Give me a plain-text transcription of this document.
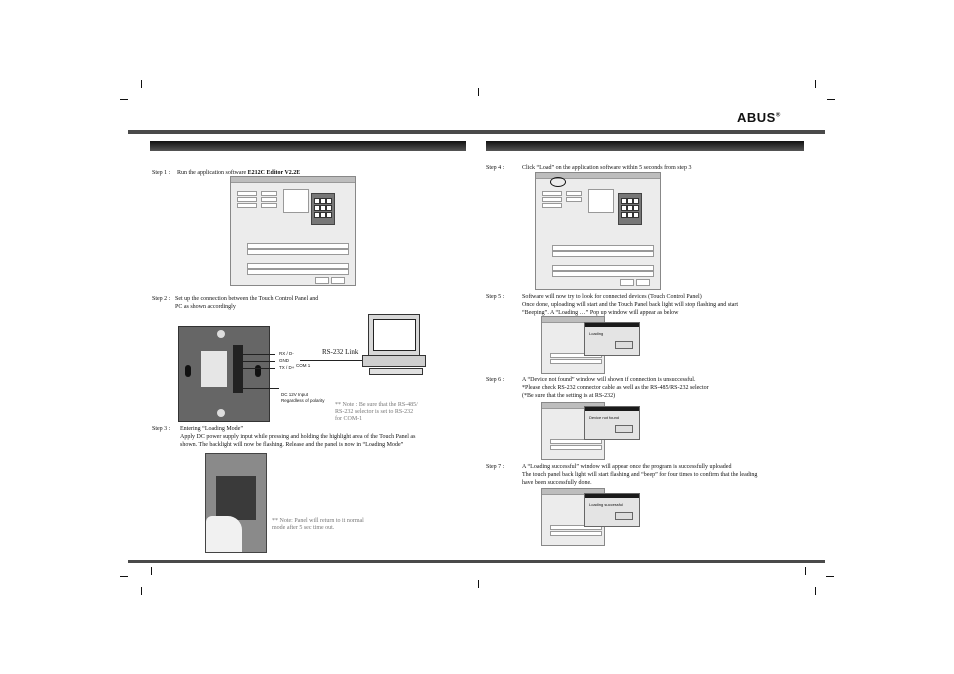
ABUS®
Step 1 : Run the application software E212C Editor V2.2E
Step 2 : Set up the connection between the Touch Control Panel and
PC as shown accordingly
RX / D-
GND
TX / D+ COM 1
RS-232 Link
DC 12V Input
Regardless of polarity
** Note : Be sure that the RS-485/
RS-232 selector is set to RS-232
for COM-1
Step 3 : Entering “Loading Mode”
Apply DC power supply input while pressing and holding the highlight area of the Touch Panel as
shown. The backlight will now be flashing. Release and the panel is now in “Loading Mode”
** Note: Panel will return to it normal
mode after 5 sec time out.
Step 4 :	Click “Load” on the application software within 5 seconds from step 3
Step 5 :	Software will now try to look for connected devices (Touch Control Panel)
Once done, uploading will start and the Touch Panel back light will stop flashing and start
“Beeping”. A “Loading …” Pop up window will appear as below
Loading
Step 6 :	A “Device not found” window will shown if connection is unsuccessful.
*Please check RS-232 connector cable as well as the RS-485/RS-232 selector
(*Be sure that the setting is at RS-232)
Device not found
Step 7 :	A “Loading successful” window will appear once the program is successfully uploaded
The touch panel back light will start flashing and “beep” for four times to confirm that the leading
have been successfully done.
Loading successful
